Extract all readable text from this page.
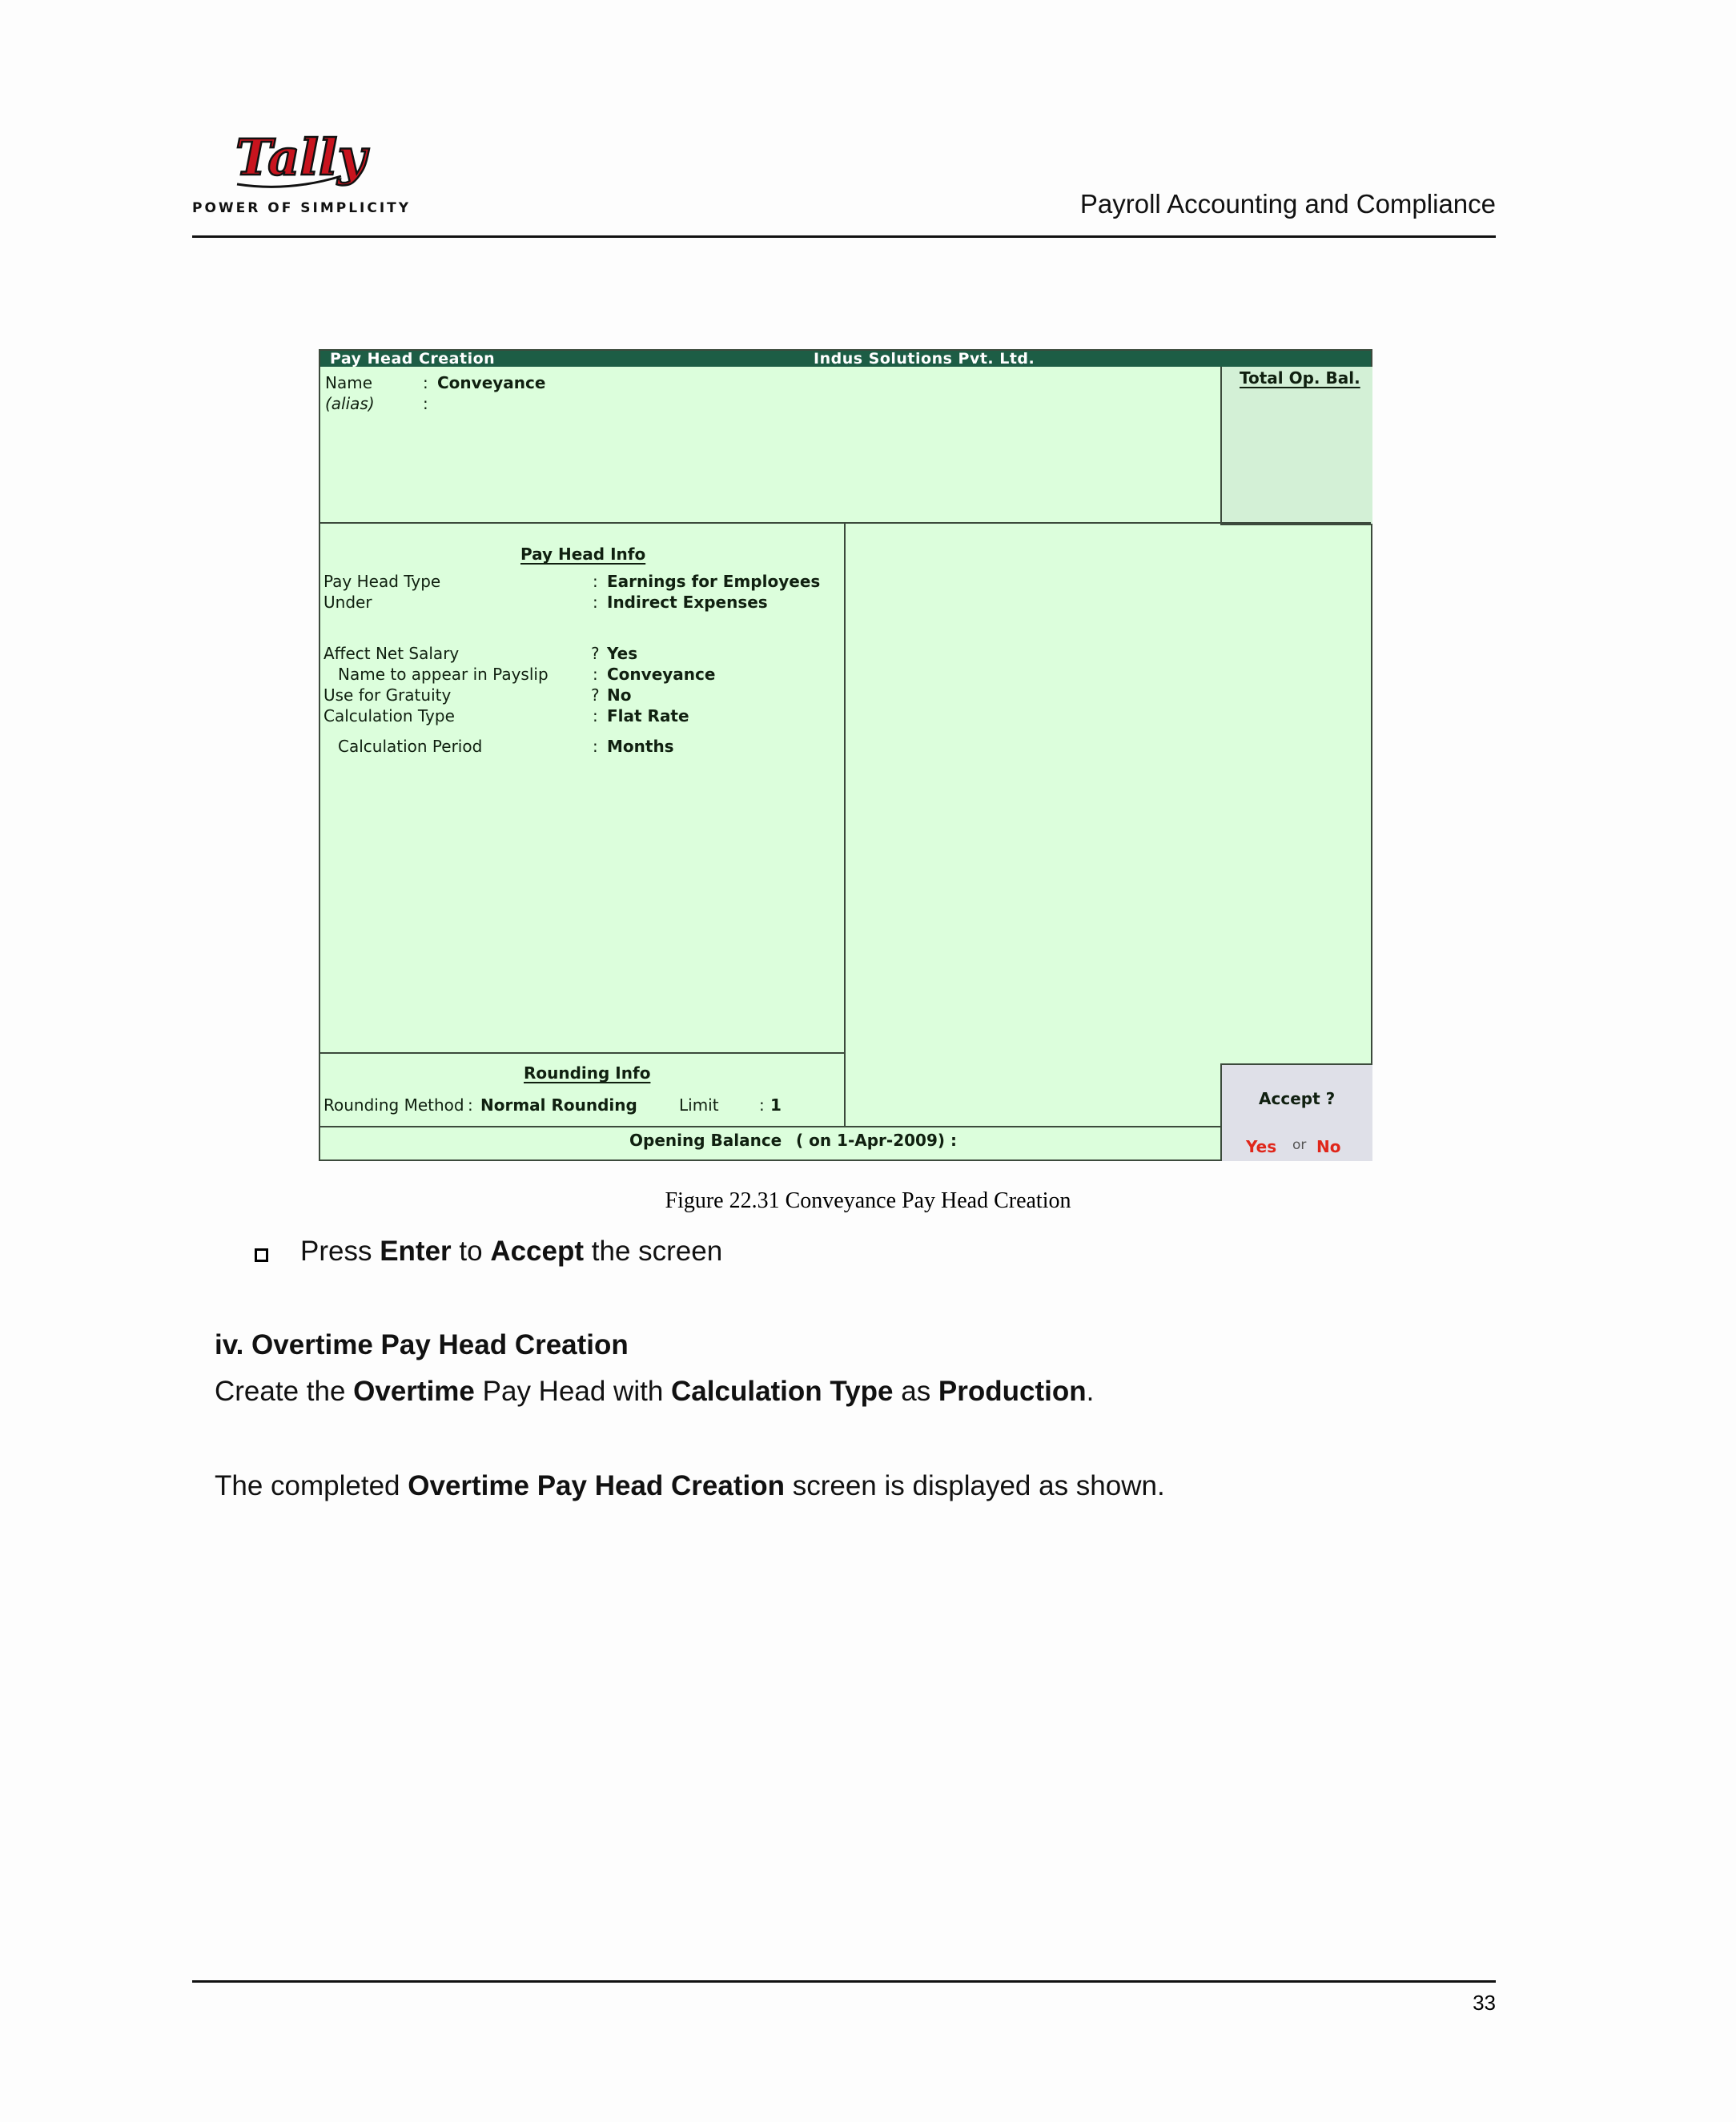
Tally
POWER OF SIMPLICITY	Payroll Accounting and Compliance
Pay Head Creation	Indus Solutions Pvt. Ltd.
Name	: Conveyance
(alias)	:
Total Op. Bal.
Pay Head Info
Pay Head Type	: Earnings for Employees
Under	: Indirect Expenses
Affect Net Salary	? Yes
Name to appear in Payslip	: Conveyance
Use for Gratuity	? No
Calculation Type	: Flat Rate
Calculation Period	: Months
Rounding Info
Rounding Method : Normal Rounding	Limit	: 1
Opening Balance ( on 1-Apr-2009) :
Accept ?
Yes or No
Figure 22.31 Conveyance Pay Head Creation
Press Enter to Accept the screen
iv. Overtime Pay Head Creation
Create the Overtime Pay Head with Calculation Type as Production.
The completed Overtime Pay Head Creation screen is displayed as shown.
33
